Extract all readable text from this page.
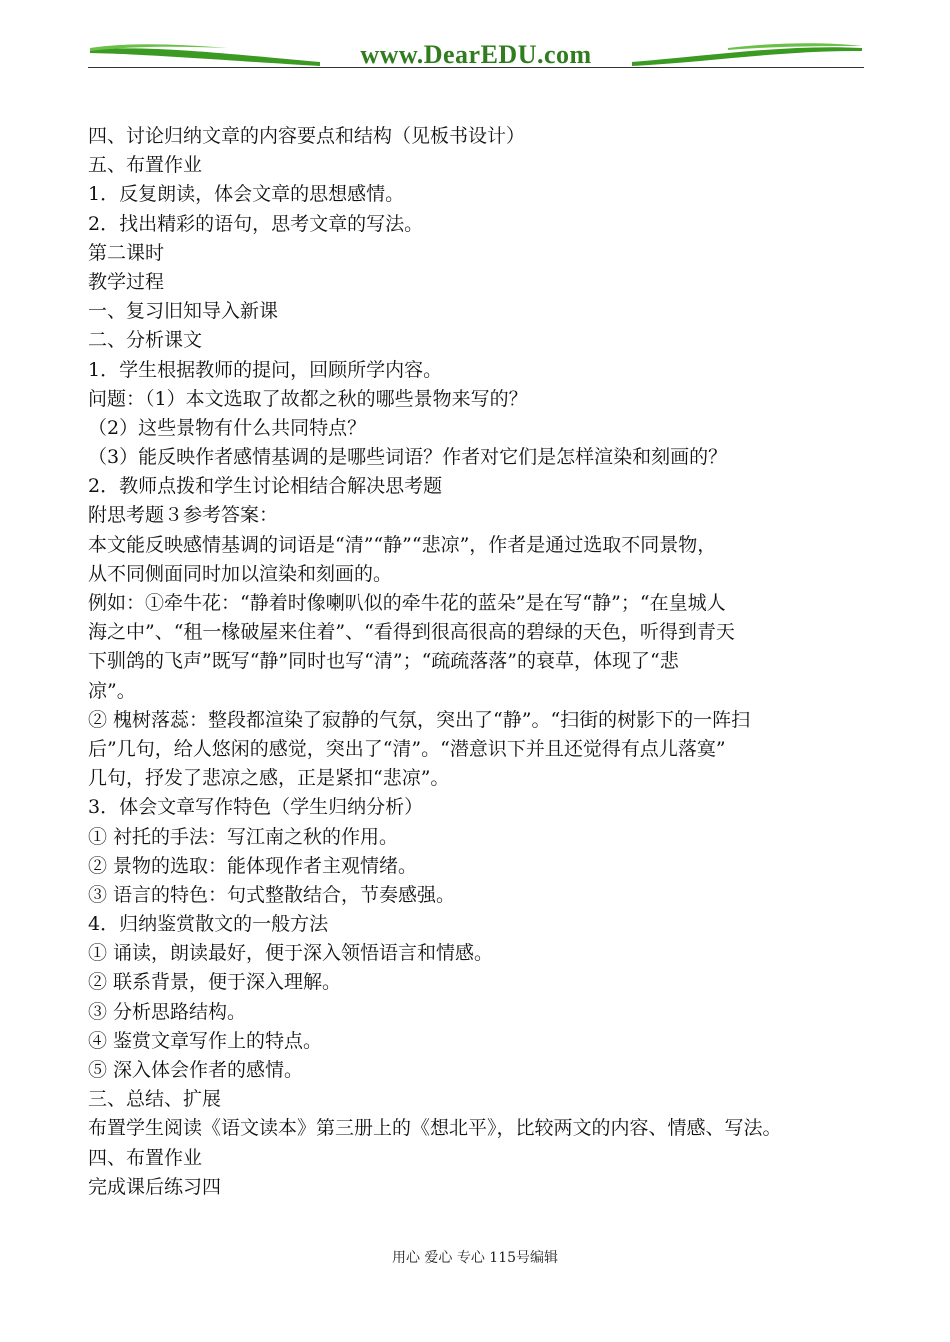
www.DearEDU.com
四、讨论归纳文章的内容要点和结构（见板书设计）
五、布置作业
1．反复朗读，体会文章的思想感情。
2．找出精彩的语句，思考文章的写法。
第二课时
教学过程
一、复习旧知导入新课
二、分析课文
1．学生根据教师的提问，回顾所学内容。
问题：（1）本文选取了故都之秋的哪些景物来写的？
（2）这些景物有什么共同特点？
（3）能反映作者感情基调的是哪些词语？作者对它们是怎样渲染和刻画的？
2．教师点拨和学生讨论相结合解决思考题
附思考题３参考答案：
本文能反映感情基调的词语是“清”“静”“悲凉”，作者是通过选取不同景物，
从不同侧面同时加以渲染和刻画的。
例如：①牵牛花：“静着时像喇叭似的牵牛花的蓝朵”是在写“静”；“在皇城人
海之中”、“租一椽破屋来住着”、“看得到很高很高的碧绿的天色，听得到青天
下驯鸽的飞声”既写“静”同时也写“清”；“疏疏落落”的衰草，体现了“悲
凉”。
② 槐树落蕊：整段都渲染了寂静的气氛，突出了“静”。“扫街的树影下的一阵扫
后”几句，给人悠闲的感觉，突出了“清”。“潜意识下并且还觉得有点儿落寞”
几句，抒发了悲凉之感，正是紧扣“悲凉”。
3．体会文章写作特色（学生归纳分析）
① 衬托的手法：写江南之秋的作用。
② 景物的选取：能体现作者主观情绪。
③ 语言的特色：句式整散结合，节奏感强。
4．归纳鉴赏散文的一般方法
① 诵读，朗读最好，便于深入领悟语言和情感。
② 联系背景，便于深入理解。
③ 分析思路结构。
④ 鉴赏文章写作上的特点。
⑤ 深入体会作者的感情。
三、总结、扩展
布置学生阅读《语文读本》第三册上的《想北平》，比较两文的内容、情感、写法。
四、布置作业
完成课后练习四
用心 爱心 专心 115号编辑
